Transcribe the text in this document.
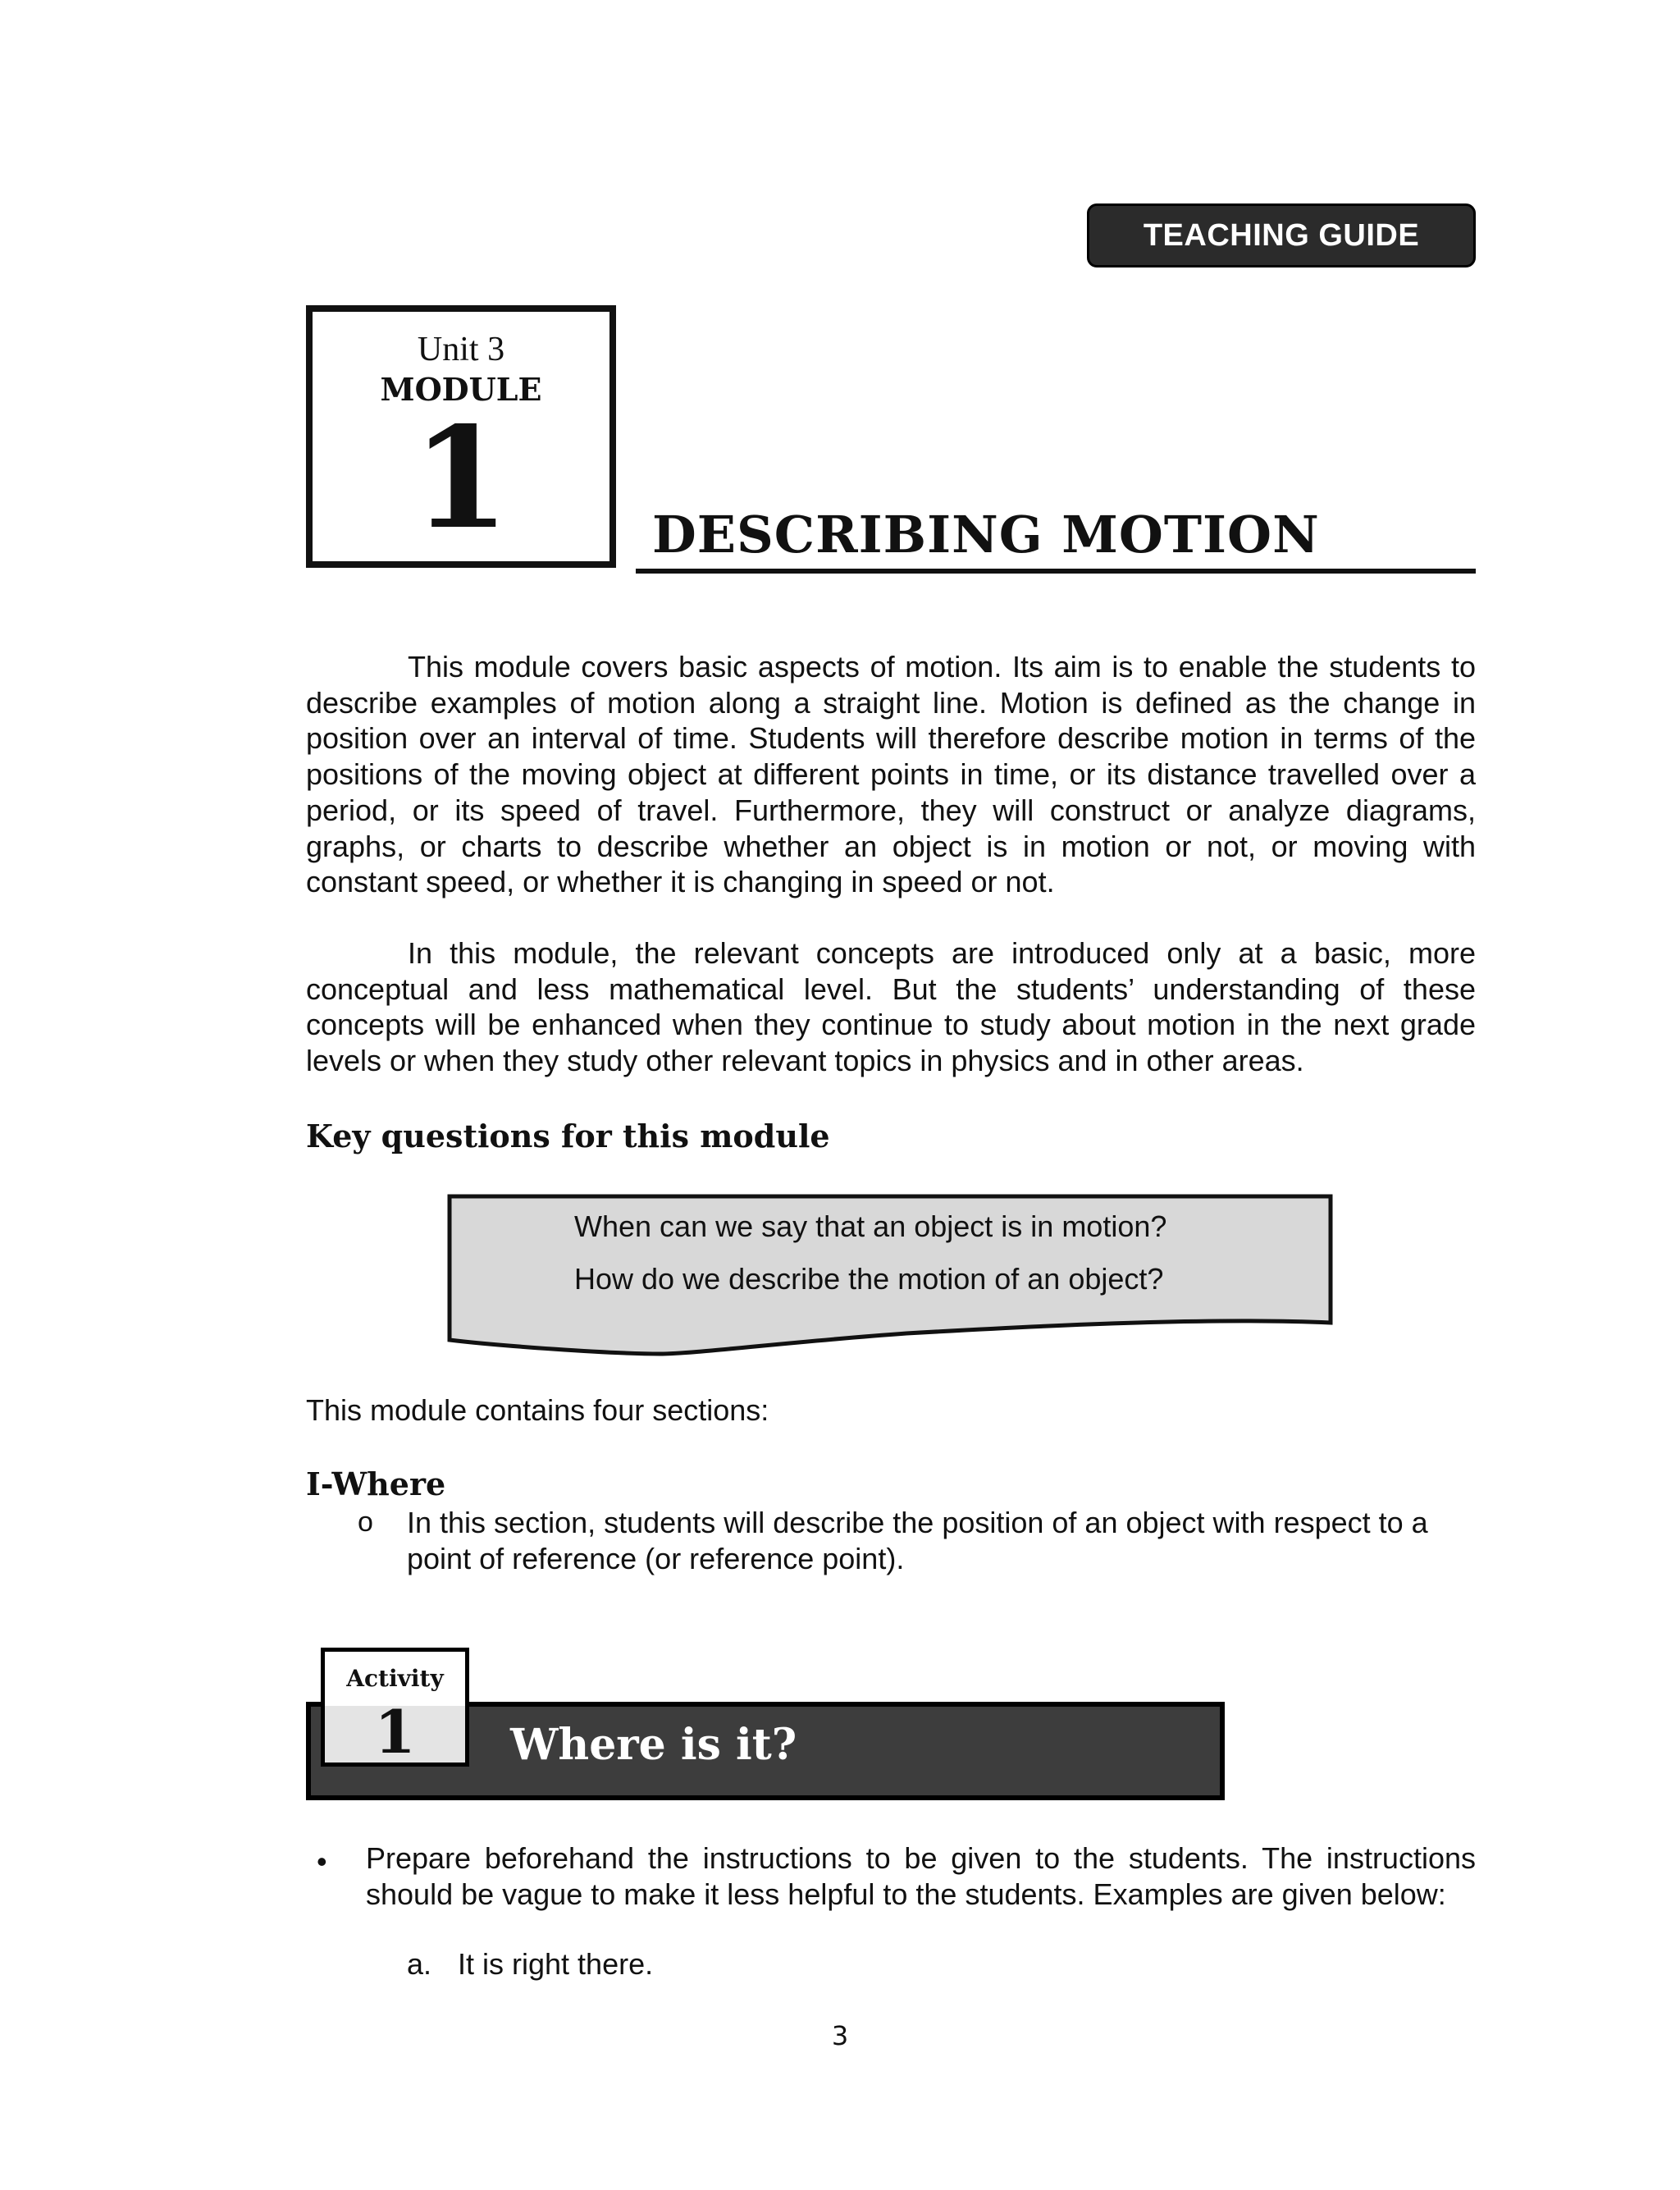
TEACHING GUIDE
Unit 3
MODULE
1	DESCRIBING MOTION
This module covers basic aspects of motion. Its aim is to enable the students to describe examples of motion along a straight line. Motion is defined as the change in position over an interval of time. Students will therefore describe motion in terms of the positions of the moving object at different points in time, or its distance travelled over a period, or its speed of travel. Furthermore, they will construct or analyze diagrams, graphs, or charts to describe whether an object is in motion or not, or moving with constant speed, or whether it is changing in speed or not.
In this module, the relevant concepts are introduced only at a basic, more conceptual and less mathematical level. But the students’ understanding of these concepts will be enhanced when they continue to study about motion in the next grade levels or when they study other relevant topics in physics and in other areas.
Key questions for this module
When can we say that an object is in motion?
How do we describe the motion of an object?
This module contains four sections:
I-Where
o In this section, students will describe the position of an object with respect to a point of reference (or reference point).
Activity
1	Where is it?
• Prepare beforehand the instructions to be given to the students. The instructions should be vague to make it less helpful to the students. Examples are given below:
a. It is right there.
3
